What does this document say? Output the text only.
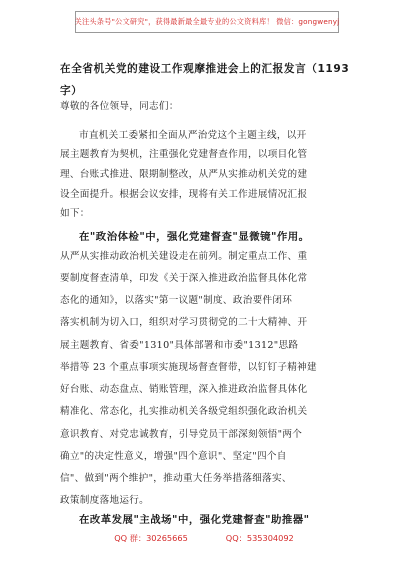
关注头条号"公文研究"，获得最新最全最专业的公文资料库！ 微信：gongwenyj
在全省机关党的建设工作观摩推进会上的汇报发言（1193字）
尊敬的各位领导，同志们：
市直机关工委紧扣全面从严治党这个主题主线，以开
展主题教育为契机，注重强化党建督查作用，以项目化管
理、台账式推进、限期制整改，从严从实推动机关党的建
设全面提升。根据会议安排，现将有关工作进展情况汇报
如下：
在"政治体检"中，强化党建督查"显微镜"作用。
从严从实推动政治机关建设走在前列。制定重点工作、重
要制度督查清单，印发《关于深入推进政治监督具体化常
态化的通知》，以落实"第一议题"制度、政治要件闭环
落实机制为切入口，组织对学习贯彻党的二十大精神、开
展主题教育、省委"1310"具体部署和市委"1312"思路
举措等 23 个重点事项实施现场督查督带，以钉钉子精神建
好台账、动态盘点、销账管理，深入推进政治监督具体化
精准化、常态化，扎实推动机关各级党组织强化政治机关
意识教育、对党忠诚教育，引导党员干部深刻领悟"两个
确立"的决定性意义，增强"四个意识"、坚定"四个自
信"、做到"两个维护"，推动重大任务举措落细落实、
政策制度落地运行。
在改革发展"主战场"中，强化党建督查"助推器"
QQ 群：30265665	QQ：535304092
